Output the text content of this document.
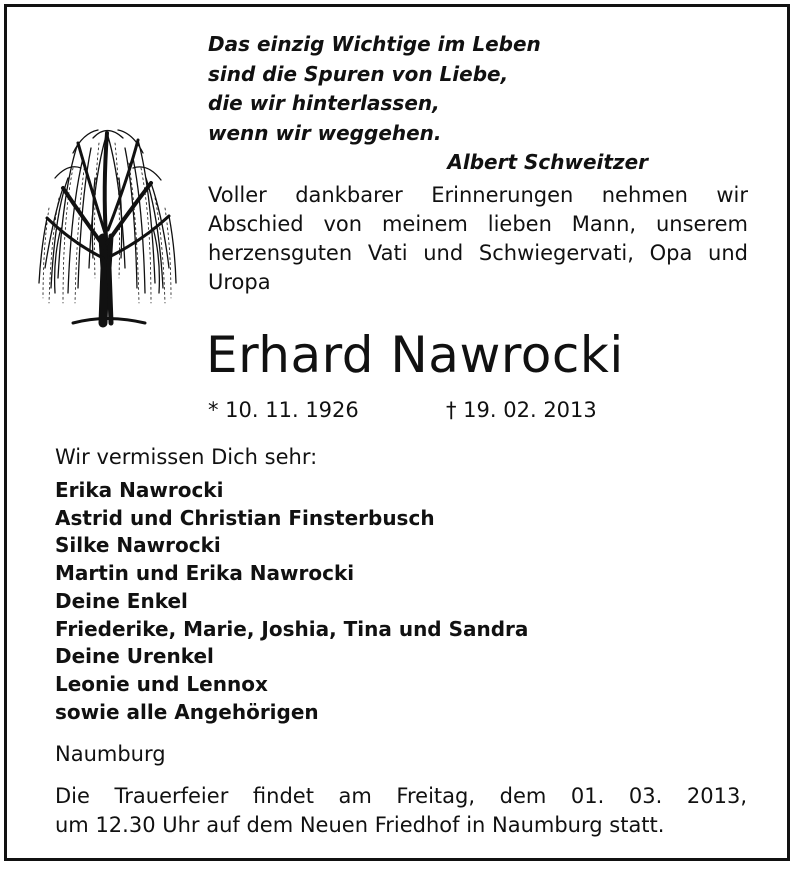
Das einzig Wichtige im Leben
sind die Spuren von Liebe,
die wir hinterlassen,
wenn wir weggehen.
Albert Schweitzer
Voller dankbarer Erinnerungen nehmen wir
Abschied von meinem lieben Mann, unserem
herzensguten Vati und Schwiegervati, Opa und
Uropa
Erhard Nawrocki
* 10. 11. 1926	† 19. 02. 2013
Wir vermissen Dich sehr:
Erika Nawrocki
Astrid und Christian Finsterbusch
Silke Nawrocki
Martin und Erika Nawrocki
Deine Enkel
Friederike, Marie, Joshia, Tina und Sandra
Deine Urenkel
Leonie und Lennox
sowie alle Angehörigen
Naumburg
Die Trauerfeier findet am Freitag, dem 01. 03. 2013,
um 12.30 Uhr auf dem Neuen Friedhof in Naumburg statt.
